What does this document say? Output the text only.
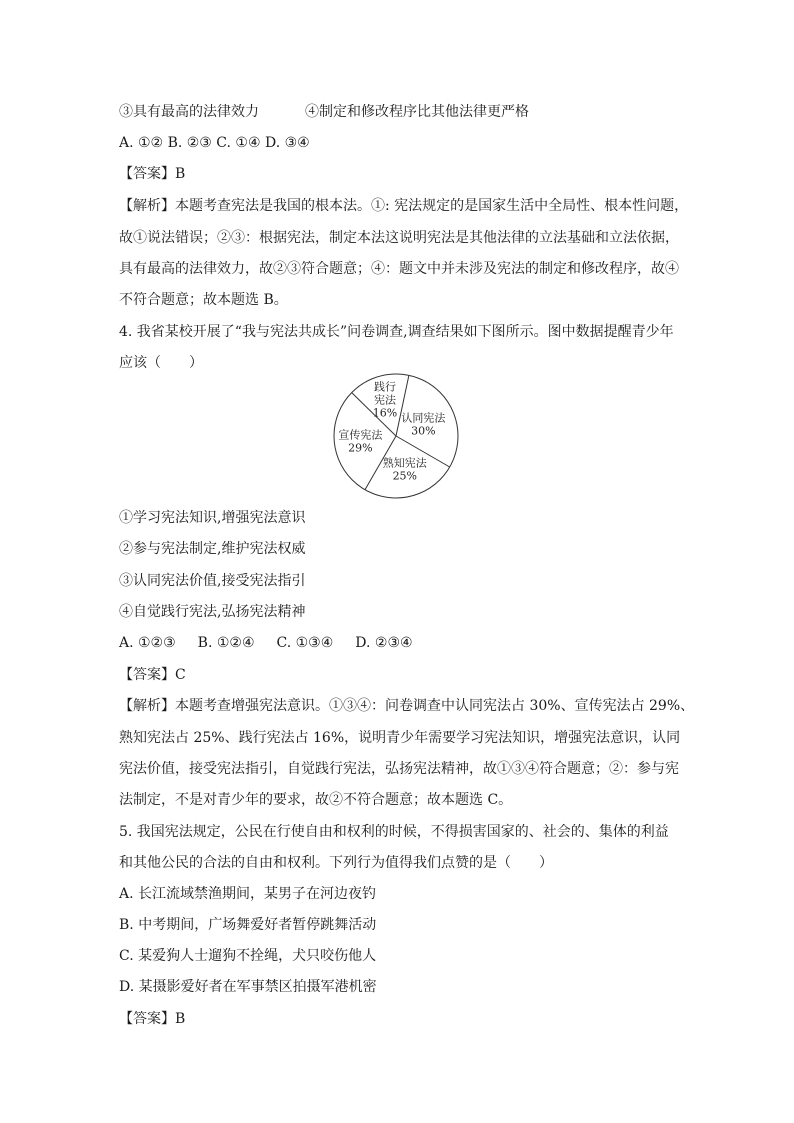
③具有最高的法律效力	④制定和修改程序比其他法律更严格
A. ①② B. ②③ C. ①④ D. ③④
【答案】B
【解析】本题考查宪法是我国的根本法。①: 宪法规定的是国家生活中全局性、根本性问题，
故①说法错误；②③：根据宪法，制定本法这说明宪法是其他法律的立法基础和立法依据，
具有最高的法律效力，故②③符合题意；④：题文中并未涉及宪法的制定和修改程序，故④
不符合题意；故本题选 B。
4. 我省某校开展了“我与宪法共成长”问卷调查,调查结果如下图所示。图中数据提醒青少年
应该（　　）
认同宪法
30%
熟知宪法
25%
宣传宪法
29%
践行
宪法
16%
①学习宪法知识,增强宪法意识
②参与宪法制定,维护宪法权威
③认同宪法价值,接受宪法指引
④自觉践行宪法,弘扬宪法精神
A. ①②③ B. ①②④ C. ①③④ D. ②③④
【答案】C
【解析】本题考查增强宪法意识。①③④：问卷调查中认同宪法占 30%、宣传宪法占 29%、
熟知宪法占 25%、践行宪法占 16%，说明青少年需要学习宪法知识，增强宪法意识，认同
宪法价值，接受宪法指引，自觉践行宪法，弘扬宪法精神，故①③④符合题意；②：参与宪
法制定，不是对青少年的要求，故②不符合题意；故本题选 C。
5. 我国宪法规定，公民在行使自由和权利的时候，不得损害国家的、社会的、集体的利益
和其他公民的合法的自由和权利。下列行为值得我们点赞的是（　　）
A. 长江流域禁渔期间，某男子在河边夜钓
B. 中考期间，广场舞爱好者暂停跳舞活动
C. 某爱狗人士遛狗不拴绳，犬只咬伤他人
D. 某摄影爱好者在军事禁区拍摄军港机密
【答案】B
